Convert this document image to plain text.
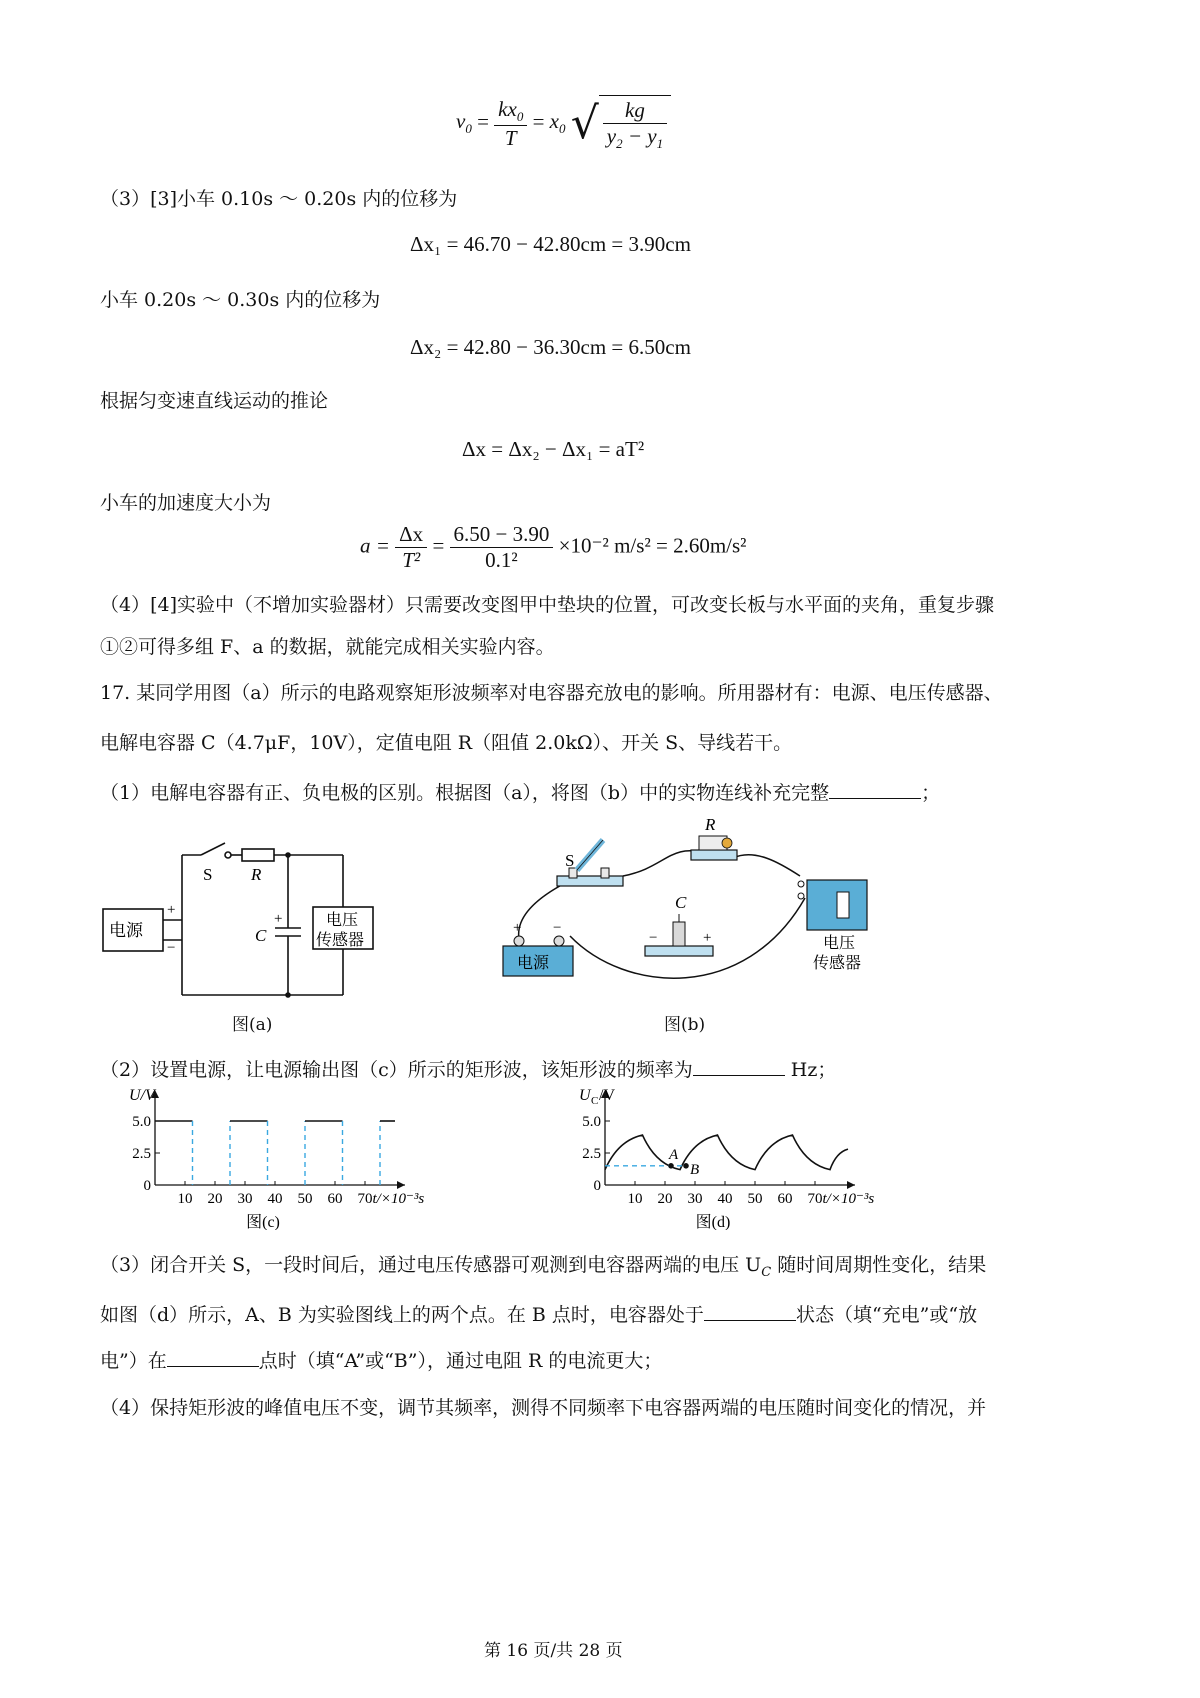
$v_0 = \frac{kx_0}{T} = x_0$ √ $\frac{kg}{y_2 - y_1}$
（3）[3]小车 0.10s ～ 0.20s 内的位移为
Δx₁ = 46.70 − 42.80cm = 3.90cm
小车 0.20s ～ 0.30s 内的位移为
Δx₂ = 42.80 − 36.30cm = 6.50cm
根据匀变速直线运动的推论
Δx = Δx₂ − Δx₁ = aT²
小车的加速度大小为
$a = \frac{\Delta x}{\text{T²}} = \frac{6.50 - 3.90}{\text{0.1²}} \times 10^{-2}$ m/s² = 2.60m/s²
（4）[4]实验中（不增加实验器材）只需要改变图甲中垫块的位置，可改变长板与水平面的夹角，重复步骤
①②可得多组 F、a 的数据，就能完成相关实验内容。
17. 某同学用图（a）所示的电路观察矩形波频率对电容器充放电的影响。所用器材有：电源、电压传感器、
电解电容器 C（4.7μF，10V），定值电阻 R（阻值 2.0kΩ）、开关 S、导线若干。
（1）电解电容器有正、负电极的区别。根据图（a），将图（b）中的实物连线补充完整	；
电源
+
−
S R
+
C
电压
传感器
图(a)
S
R
C
−	+
电源
+ −
电压
传感器
图(b)
（2）设置电源，让电源输出图（c）所示的矩形波，该矩形波的频率为	Hz；
U/V
5.0
2.5
0
10 20 30 40 50 60 70 t/×10⁻³s
图(c)
U C /V
5.0
2.5
0
10 20 30 40 50 60 70 t/×10⁻³s
图(d)
A
B
（3）闭合开关 S，一段时间后，通过电压传感器可观测到电容器两端的电压 $U_C$ 随时间周期性变化，结果
如图（d）所示，A、B 为实验图线上的两个点。在 B 点时，电容器处于	状态（填“充电”或“放
电”）在	点时（填“A”或“B”），通过电阻 R 的电流更大；
（4）保持矩形波的峰值电压不变，调节其频率，测得不同频率下电容器两端的电压随时间变化的情况，并
第 16 页/共 28 页
